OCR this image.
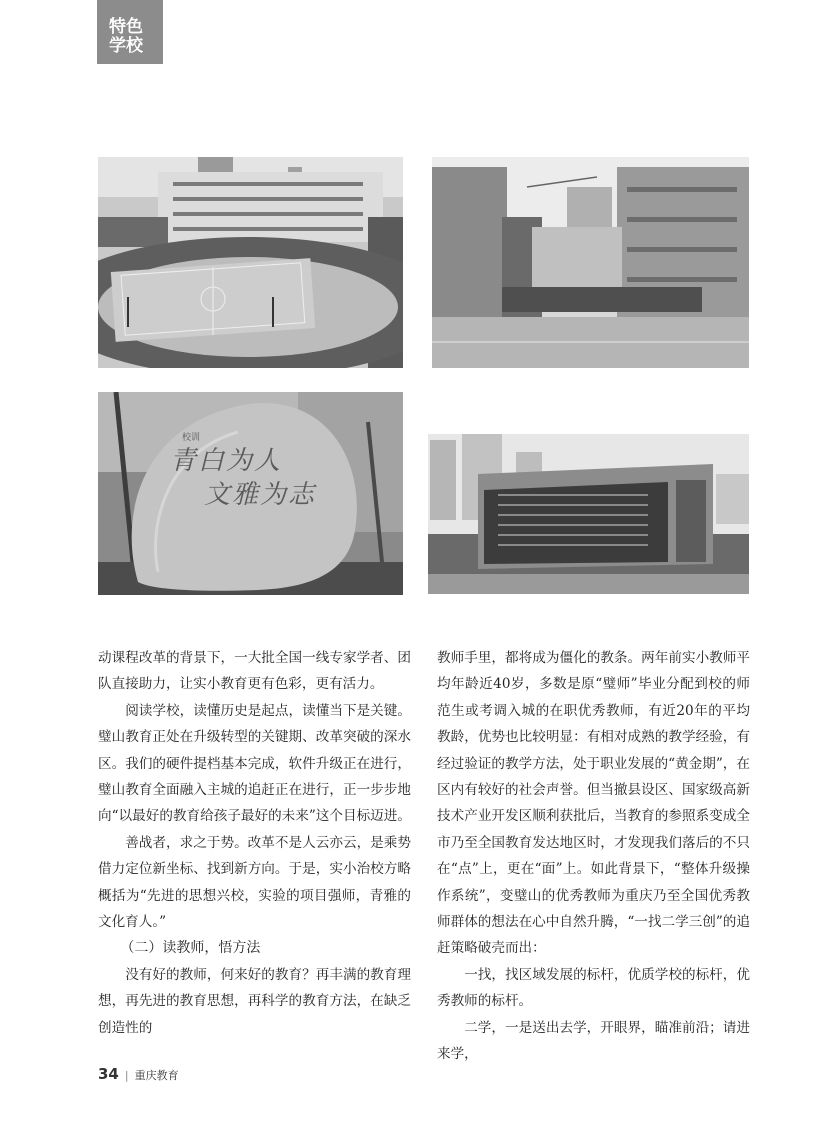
特色
学校
校训
青白为人
文雅为志

动课程改革的背景下，一大批全国一线专家学者、团队直接助力，让实小教育更有色彩，更有活力。

阅读学校，读懂历史是起点，读懂当下是关键。璧山教育正处在升级转型的关键期、改革突破的深水区。我们的硬件提档基本完成，软件升级正在进行，璧山教育全面融入主城的追赶正在进行，正一步步地向“以最好的教育给孩子最好的未来”这个目标迈进。

善战者，求之于势。改革不是人云亦云，是乘势借力定位新坐标、找到新方向。于是，实小治校方略概括为“先进的思想兴校，实验的项目强师，青雅的文化育人。”

（二）读教师，悟方法

没有好的教师，何来好的教育？再丰满的教育理想，再先进的教育思想，再科学的教育方法，在缺乏创造性的

教师手里，都将成为僵化的教条。两年前实小教师平均年龄近40岁，多数是原“璧师”毕业分配到校的师范生或考调入城的在职优秀教师，有近20年的平均教龄，优势也比较明显：有相对成熟的教学经验，有经过验证的教学方法，处于职业发展的“黄金期”，在区内有较好的社会声誉。但当撤县设区、国家级高新技术产业开发区顺利获批后，当教育的参照系变成全市乃至全国教育发达地区时，才发现我们落后的不只在“点”上，更在“面”上。如此背景下，“整体升级操作系统”，变璧山的优秀教师为重庆乃至全国优秀教师群体的想法在心中自然升腾，“一找二学三创”的追赶策略破壳而出：

一找，找区域发展的标杆，优质学校的标杆，优秀教师的标杆。

二学，一是送出去学，开眼界，瞄准前沿；请进来学，

34 | 重庆教育
